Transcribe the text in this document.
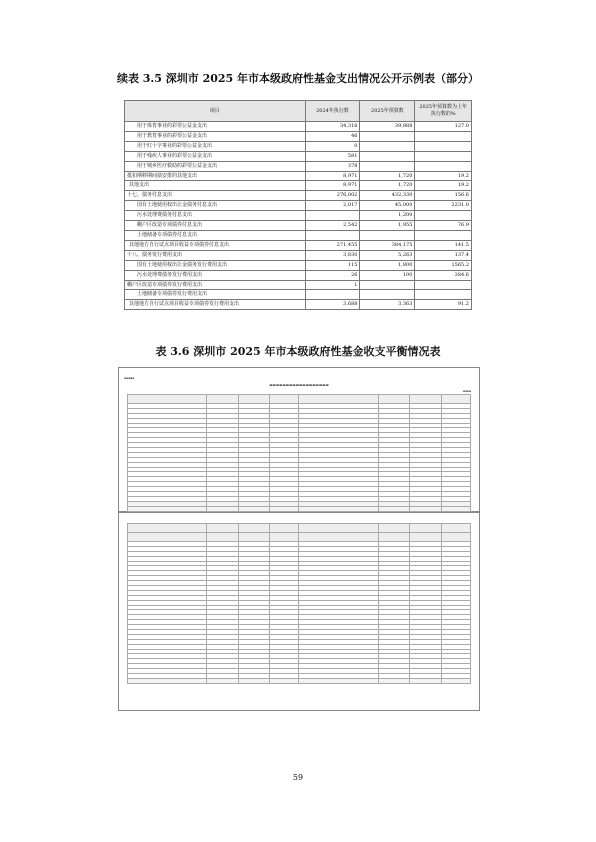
续表 3.5 深圳市 2025 年市本级政府性基金支出情况公开示例表（部分）
项目	2024年执行数	2025年预算数	2025年预算数为上年执行数的%
用于体育事业的彩票公益金支出	34,318	39,888	127.0
用于教育事业的彩票公益金支出	46		
用于红十字事业的彩票公益金支出	0		
用于残疾人事业的彩票公益金支出	581		
用于城乡医疗救助的彩票公益金支出	378		
抵扣期移期间债安排的其他支出	8,971	1,720	19.2
其他支出	8,971	1,720	19.2
十七、债务付息支出	276,002	432,330	156.6
国有土地使用权出让金债务付息支出	2,017	45,000	2231.0
污水处理费债务付息支出		1,200	
棚户区改造专项债券付息支出	2,542	1,955	76.9
土地储备专项债券付息支出			
其他地方自行试点项目收益专项债券付息支出	271,455	384,175	141.5
十八、债务发行费用支出	3,830	5,263	137.4
国有土地使用权出让金债务发行费用支出	115	1,800	1565.2
污水处理费债务发行费用支出	26	100	384.6
棚户区改造专项债券发行费用支出	1		
土地储备专项债券发行费用支出			
其他地方自行试点项目收益专项债券发行费用支出	3,688	3,363	91.2
表 3.6 深圳市 2025 年市本级政府性基金收支平衡情况表
▪▪▪▪▪
▬▬▬▬▬▬▬▬▬▬▬▬▬▬▬▬▬▬
▪▪▪▪

59
